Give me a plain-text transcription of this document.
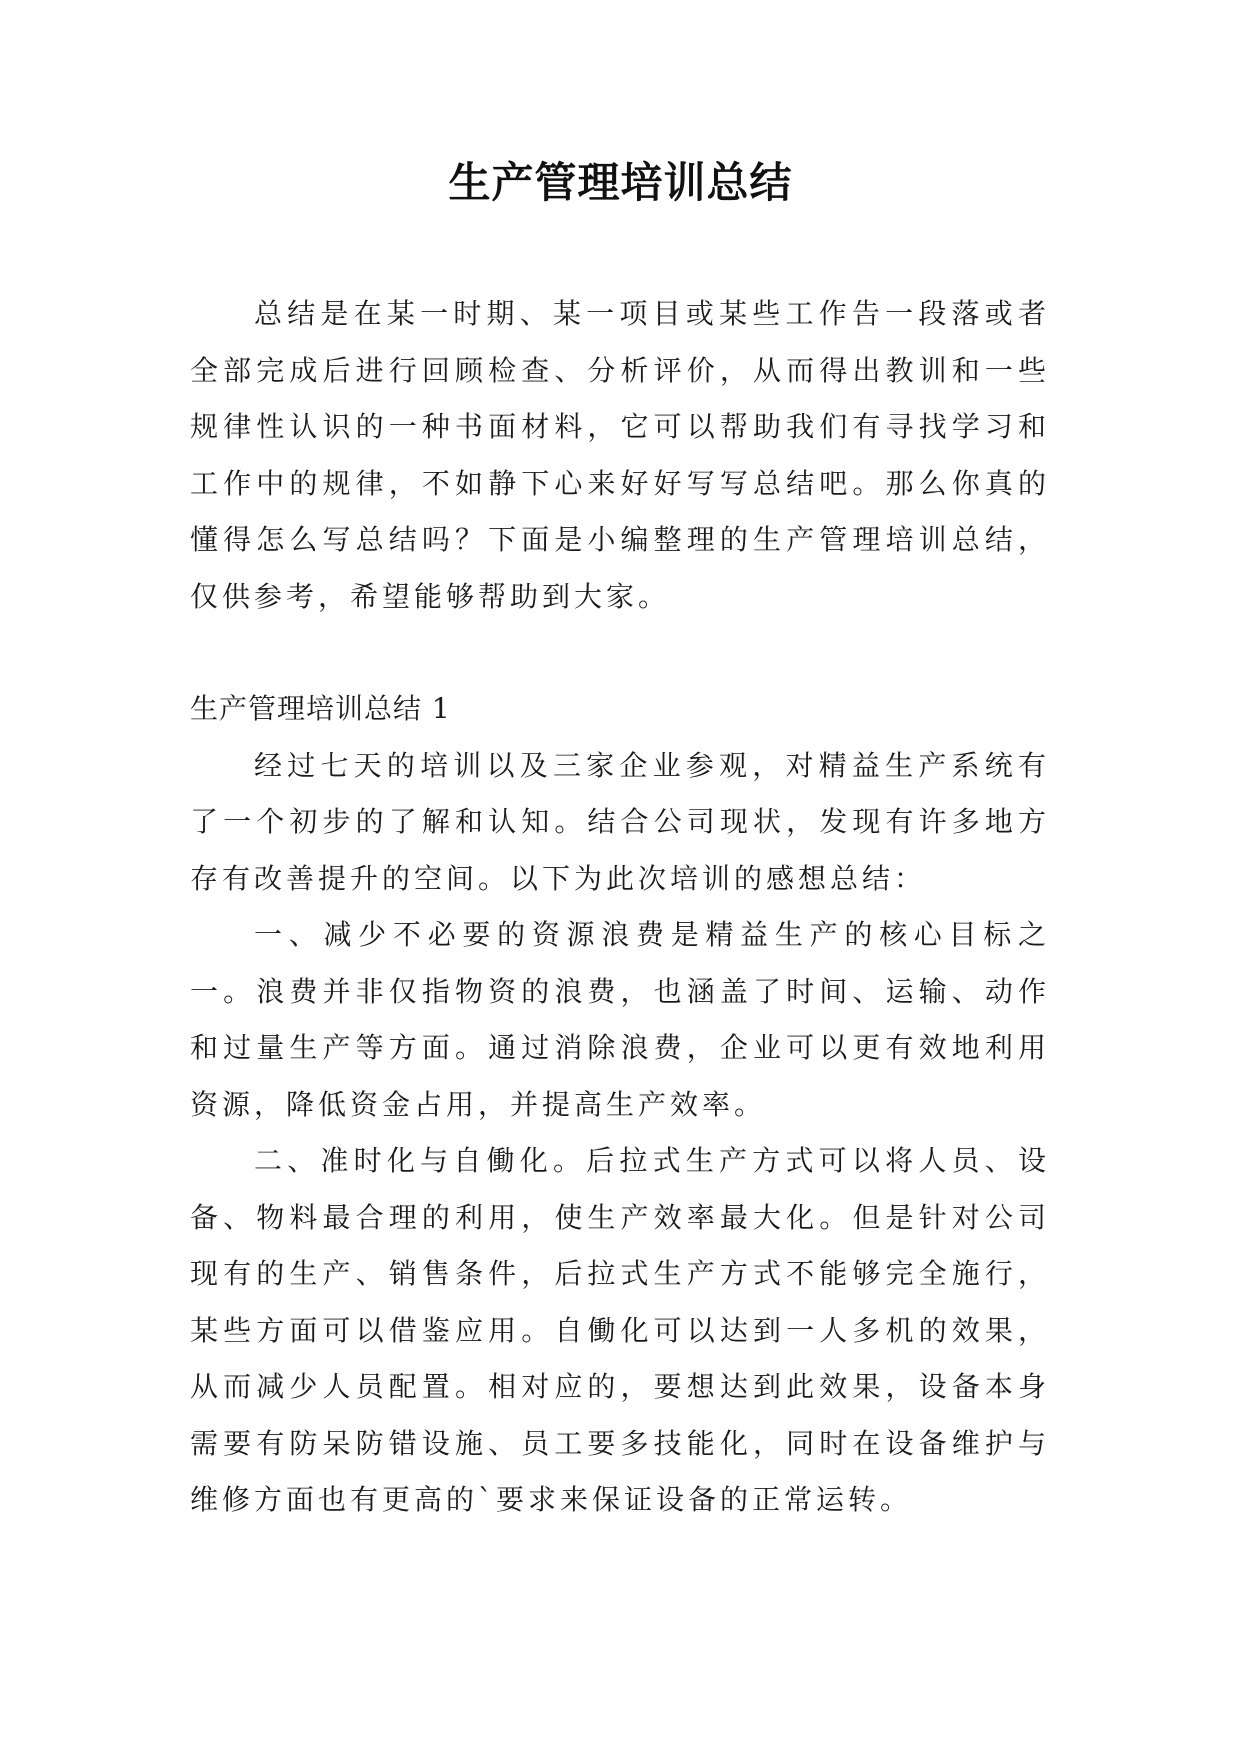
生产管理培训总结

总结是在某一时期、某一项目或某些工作告一段落或者全部完成后进行回顾检查、分析评价，从而得出教训和一些规律性认识的一种书面材料，它可以帮助我们有寻找学习和工作中的规律，不如静下心来好好写写总结吧。那么你真的懂得怎么写总结吗？下面是小编整理的生产管理培训总结，仅供参考，希望能够帮助到大家。

生产管理培训总结 1

经过七天的培训以及三家企业参观，对精益生产系统有了一个初步的了解和认知。结合公司现状，发现有许多地方存有改善提升的空间。以下为此次培训的感想总结：

一、减少不必要的资源浪费是精益生产的核心目标之一。浪费并非仅指物资的浪费，也涵盖了时间、运输、动作和过量生产等方面。通过消除浪费，企业可以更有效地利用资源，降低资金占用，并提高生产效率。

二、准时化与自働化。后拉式生产方式可以将人员、设备、物料最合理的利用，使生产效率最大化。但是针对公司现有的生产、销售条件，后拉式生产方式不能够完全施行，某些方面可以借鉴应用。自働化可以达到一人多机的效果，从而减少人员配置。相对应的，要想达到此效果，设备本身需要有防呆防错设施、员工要多技能化，同时在设备维护与维修方面也有更高的`要求来保证设备的正常运转。
